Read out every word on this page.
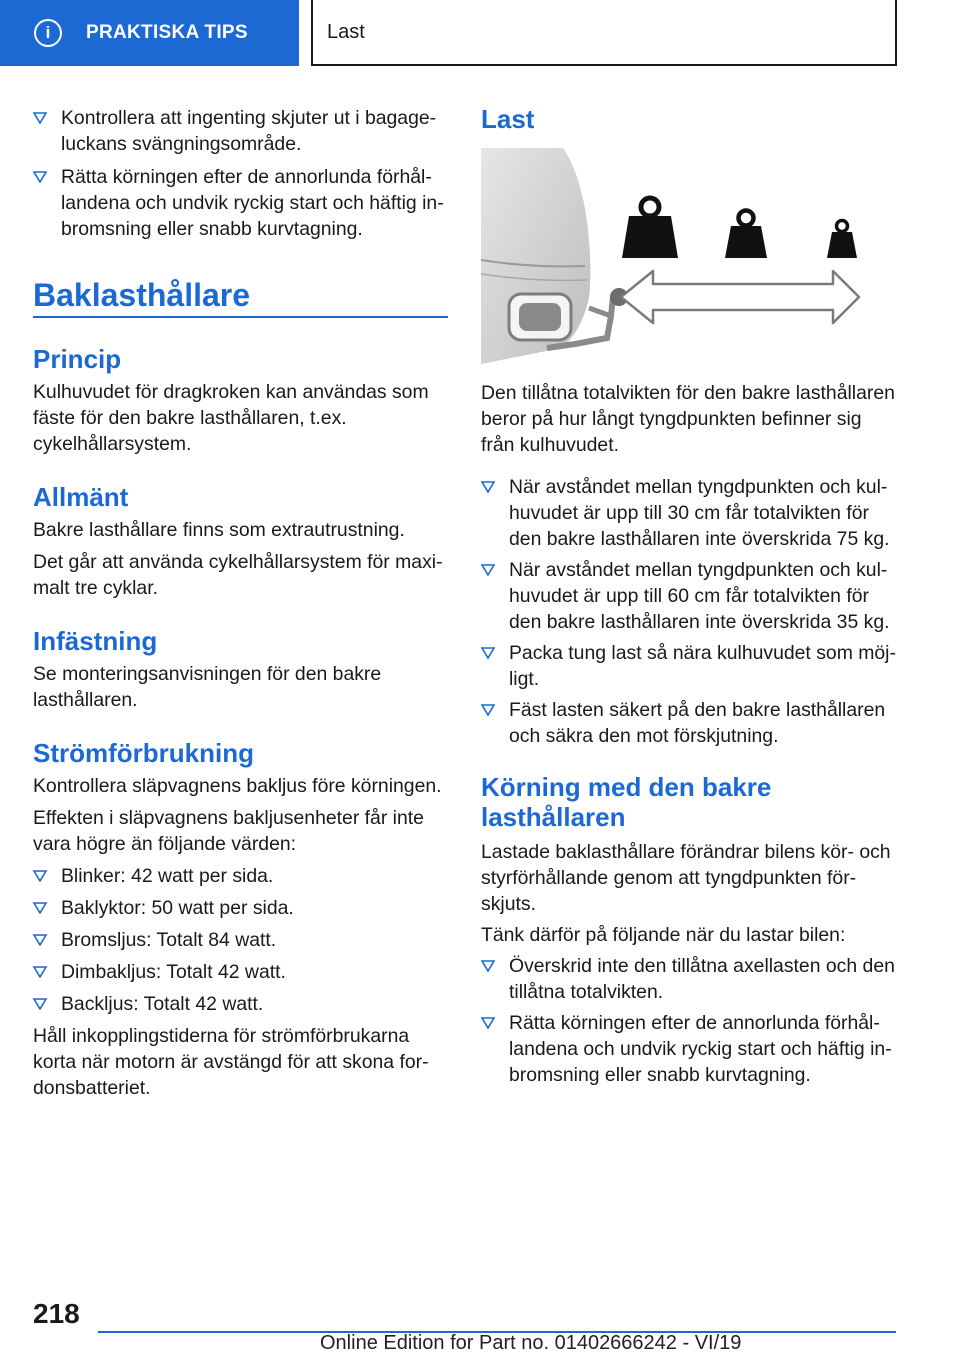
i	PRAKTISKA TIPS	Last
Kontrollera att ingenting skjuter ut i bagageluckans svängningsområde.
Rätta körningen efter de annorlunda förhållandena och undvik ryckig start och häftig inbromsning eller snabb kurvtagning.
Baklasthållare
Princip

Kulhuvudet för dragkroken kan användas som fäste för den bakre lasthållaren, t.ex. cykelhållarsystem.

Allmänt

Bakre lasthållare finns som extrautrustning.

Det går att använda cykelhållarsystem för maximalt tre cyklar.

Infästning

Se monteringsanvisningen för den bakre lasthållaren.

Strömförbrukning

Kontrollera släpvagnens bakljus före körningen.

Effekten i släpvagnens bakljusenheter får inte vara högre än följande värden:

Blinker: 42 watt per sida.
Baklyktor: 50 watt per sida.
Bromsljus: Totalt 84 watt.
Dimbakljus: Totalt 42 watt.
Backljus: Totalt 42 watt.

Håll inkopplingstiderna för strömförbrukarna korta när motorn är avstängd för att skona fordonsbatteriet.

Last

Den tillåtna totalvikten för den bakre lasthållaren beror på hur långt tyngdpunkten befinner sig från kulhuvudet.

När avståndet mellan tyngdpunkten och kulhuvudet är upp till 30 cm får totalvikten för den bakre lasthållaren inte överskrida 75 kg.
När avståndet mellan tyngdpunkten och kulhuvudet är upp till 60 cm får totalvikten för den bakre lasthållaren inte överskrida 35 kg.
Packa tung last så nära kulhuvudet som möjligt.
Fäst lasten säkert på den bakre lasthållaren och säkra den mot förskjutning.
Körning med den bakre lasthållaren

Lastade baklasthållare förändrar bilens kör- och styrförhållande genom att tyngdpunkten förskjuts.

Tänk därför på följande när du lastar bilen:

Överskrid inte den tillåtna axellasten och den tillåtna totalvikten.
Rätta körningen efter de annorlunda förhållandena och undvik ryckig start och häftig inbromsning eller snabb kurvtagning.
218
Online Edition for Part no. 01402666242 - VI/19
